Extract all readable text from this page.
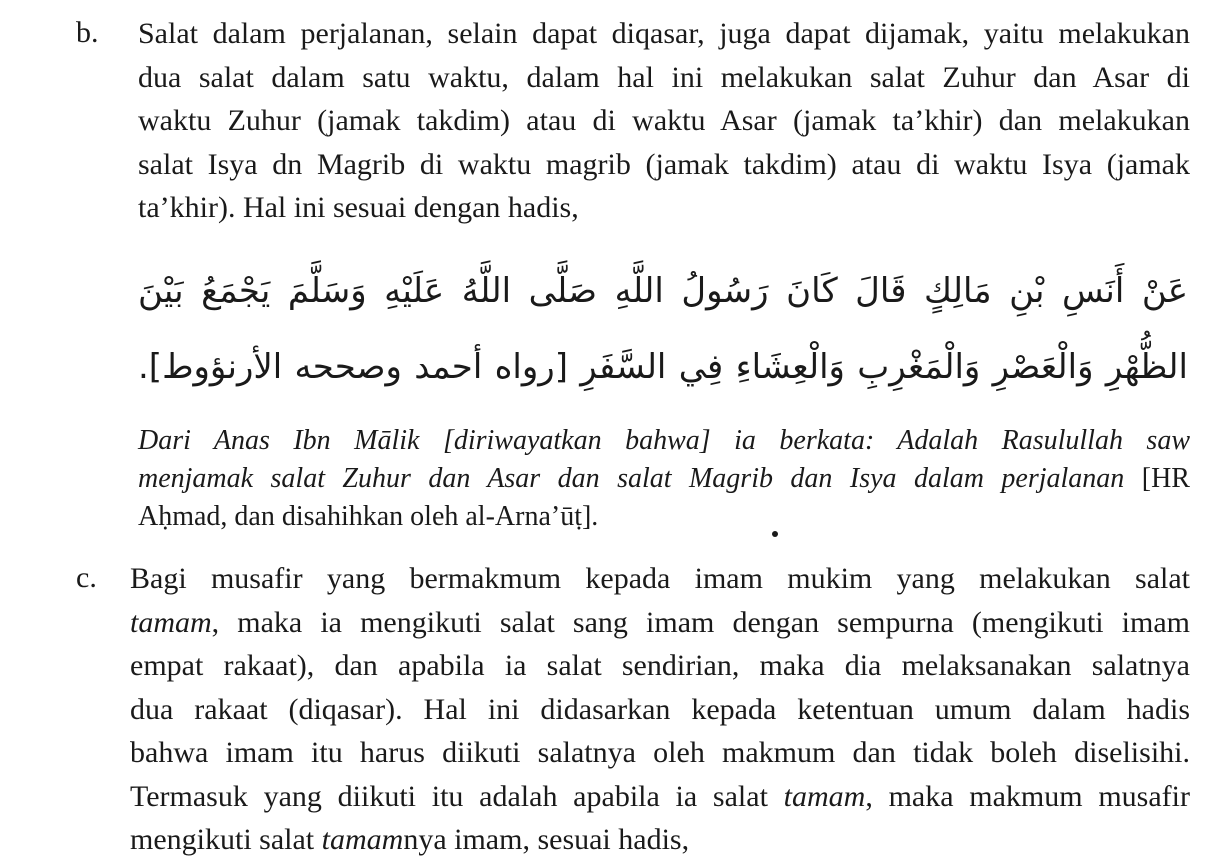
b. Salat dalam perjalanan, selain dapat diqasar, juga dapat dijamak, yaitu melakukan
dua salat dalam satu waktu, dalam hal ini melakukan salat Zuhur dan Asar di
waktu Zuhur (jamak takdim) atau di waktu Asar (jamak ta’khir) dan melakukan
salat Isya dn Magrib di waktu magrib (jamak takdim) atau di waktu Isya (jamak
ta’khir). Hal ini sesuai dengan hadis,
عَنْ أَنَسِ بْنِ مَالِكٍ قَالَ كَانَ رَسُولُ اللَّهِ صَلَّى اللَّهُ عَلَيْهِ وَسَلَّمَ يَجْمَعُ بَيْنَ
الظُّهْرِ وَالْعَصْرِ وَالْمَغْرِبِ وَالْعِشَاءِ فِي السَّفَرِ [رواه أحمد وصححه الأرنؤوط].
Dari Anas Ibn Mālik [diriwayatkan bahwa] ia berkata: Adalah Rasulullah saw
menjamak salat Zuhur dan Asar dan salat Magrib dan Isya dalam perjalanan [HR
Aḥmad, dan disahihkan oleh al-Arna’ūṭ].
c. Bagi musafir yang bermakmum kepada imam mukim yang melakukan salat
tamam, maka ia mengikuti salat sang imam dengan sempurna (mengikuti imam
empat rakaat), dan apabila ia salat sendirian, maka dia melaksanakan salatnya
dua rakaat (diqasar). Hal ini didasarkan kepada ketentuan umum dalam hadis
bahwa imam itu harus diikuti salatnya oleh makmum dan tidak boleh diselisihi.
Termasuk yang diikuti itu adalah apabila ia salat tamam, maka makmum musafir
mengikuti salat tamamnya imam, sesuai hadis,
